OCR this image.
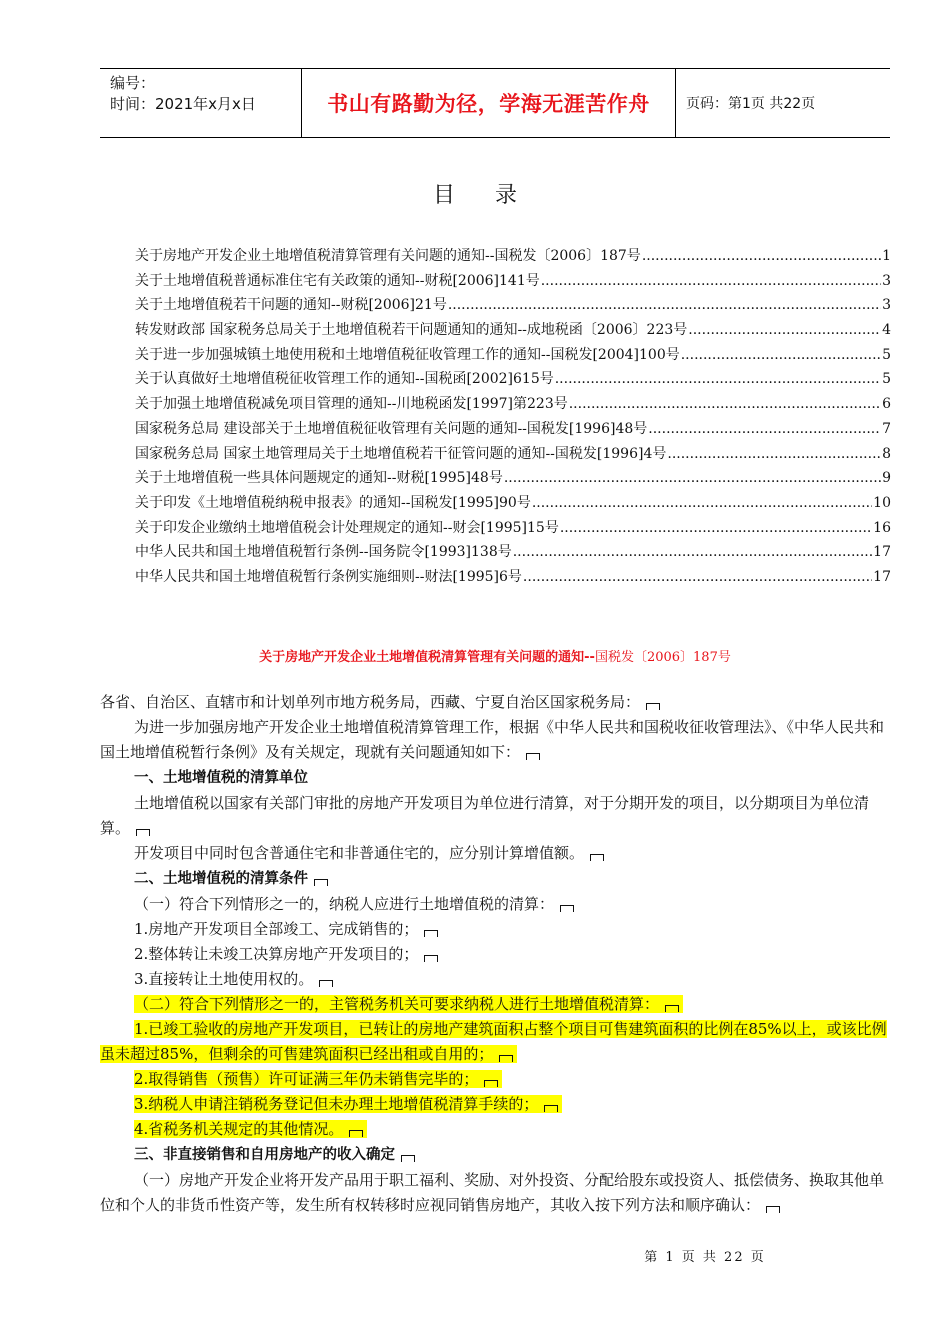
编号：
时间：2021年x月x日	书山有路勤为径，学海无涯苦作舟	页码：第1页 共22页
目录
关于房地产开发企业土地增值税清算管理有关问题的通知--国税发〔2006〕187号 .....	1
关于土地增值税普通标准住宅有关政策的通知--财税[2006]141号 .....	3
关于土地增值税若干问题的通知--财税[2006]21号 .....	3
转发财政部 国家税务总局关于土地增值税若干问题通知的通知--成地税函〔2006〕223号 .....	4
关于进一步加强城镇土地使用税和土地增值税征收管理工作的通知--国税发[2004]100号 .....	5
关于认真做好土地增值税征收管理工作的通知--国税函[2002]615号 .....	5
关于加强土地增值税减免项目管理的通知--川地税函发[1997]第223号 .....	6
国家税务总局 建设部关于土地增值税征收管理有关问题的通知--国税发[1996]48号 .....	7
国家税务总局 国家土地管理局关于土地增值税若干征管问题的通知--国税发[1996]4号 .....	8
关于土地增值税一些具体问题规定的通知--财税[1995]48号 .....	9
关于印发《土地增值税纳税申报表》的通知--国税发[1995]90号 .....	10
关于印发企业缴纳土地增值税会计处理规定的通知--财会[1995]15号 .....	16
中华人民共和国土地增值税暂行条例--国务院令[1993]138号 .....	17
中华人民共和国土地增值税暂行条例实施细则--财法[1995]6号 .....	17
关于房地产开发企业土地增值税清算管理有关问题的通知--国税发〔2006〕187号

各省、自治区、直辖市和计划单列市地方税务局，西藏、宁夏自治区国家税务局：

为进一步加强房地产开发企业土地增值税清算管理工作，根据《中华人民共和国税收征收管理法》、《中华人民共和国土地增值税暂行条例》及有关规定，现就有关问题通知如下：

一、土地增值税的清算单位

土地增值税以国家有关部门审批的房地产开发项目为单位进行清算，对于分期开发的项目，以分期项目为单位清算。

开发项目中同时包含普通住宅和非普通住宅的，应分别计算增值额。

二、土地增值税的清算条件

（一）符合下列情形之一的，纳税人应进行土地增值税的清算：

1.房地产开发项目全部竣工、完成销售的；

2.整体转让未竣工决算房地产开发项目的；

3.直接转让土地使用权的。

（二）符合下列情形之一的，主管税务机关可要求纳税人进行土地增值税清算：

1.已竣工验收的房地产开发项目，已转让的房地产建筑面积占整个项目可售建筑面积的比例在85%以上，或该比例虽未超过85%，但剩余的可售建筑面积已经出租或自用的；

2.取得销售（预售）许可证满三年仍未销售完毕的；

3.纳税人申请注销税务登记但未办理土地增值税清算手续的；

4.省税务机关规定的其他情况。

三、非直接销售和自用房地产的收入确定

（一）房地产开发企业将开发产品用于职工福利、奖励、对外投资、分配给股东或投资人、抵偿债务、换取其他单位和个人的非货币性资产等，发生所有权转移时应视同销售房地产，其收入按下列方法和顺序确认：

第 1 页 共 22 页
